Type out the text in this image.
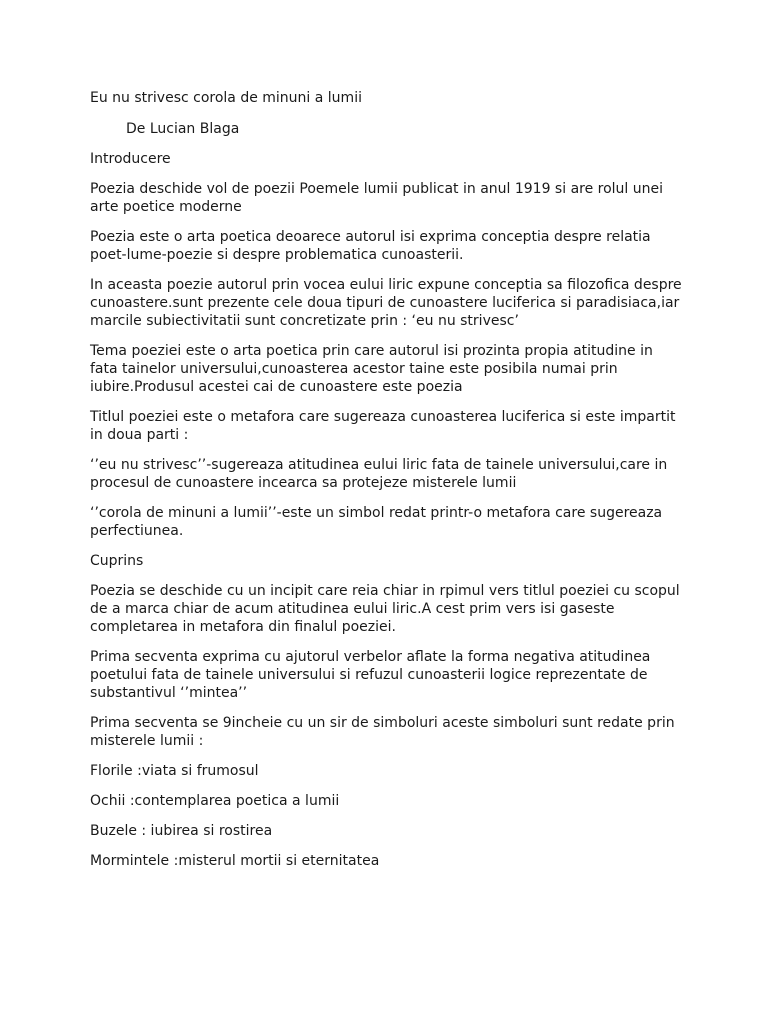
Eu nu strivesc corola de minuni a lumii

De Lucian Blaga

Introducere

Poezia deschide vol de poezii Poemele lumii publicat in anul 1919 si are rolul unei
arte poetice moderne

Poezia este o arta poetica deoarece autorul isi exprima conceptia despre relatia
poet-lume-poezie si despre problematica cunoasterii.

In aceasta poezie autorul prin vocea eului liric expune conceptia sa filozofica despre
cunoastere.sunt prezente cele doua tipuri de cunoastere luciferica si paradisiaca,iar
marcile subiectivitatii sunt concretizate prin : ‘eu nu strivesc’

Tema poeziei este o arta poetica prin care autorul isi prozinta propia atitudine in
fata tainelor universului,cunoasterea acestor taine este posibila numai prin
iubire.Produsul acestei cai de cunoastere este poezia

Titlul poeziei este o metafora care sugereaza cunoasterea luciferica si este impartit
in doua parti :

‘’eu nu strivesc’’-sugereaza atitudinea eului liric fata de tainele universului,care in
procesul de cunoastere incearca sa protejeze misterele lumii

‘’corola de minuni a lumii’’-este un simbol redat printr-o metafora care sugereaza
perfectiunea.

Cuprins

Poezia se deschide cu un incipit care reia chiar in rpimul vers titlul poeziei cu scopul
de a marca chiar de acum atitudinea eului liric.A cest prim vers isi gaseste
completarea in metafora din finalul poeziei.

Prima secventa exprima cu ajutorul verbelor aflate la forma negativa atitudinea
poetului fata de tainele universului si refuzul cunoasterii logice reprezentate de
substantivul ‘’mintea’’

Prima secventa se 9incheie cu un sir de simboluri aceste simboluri sunt redate prin
misterele lumii :

Florile :viata si frumosul

Ochii :contemplarea poetica a lumii

Buzele : iubirea si rostirea

Mormintele :misterul mortii si eternitatea
